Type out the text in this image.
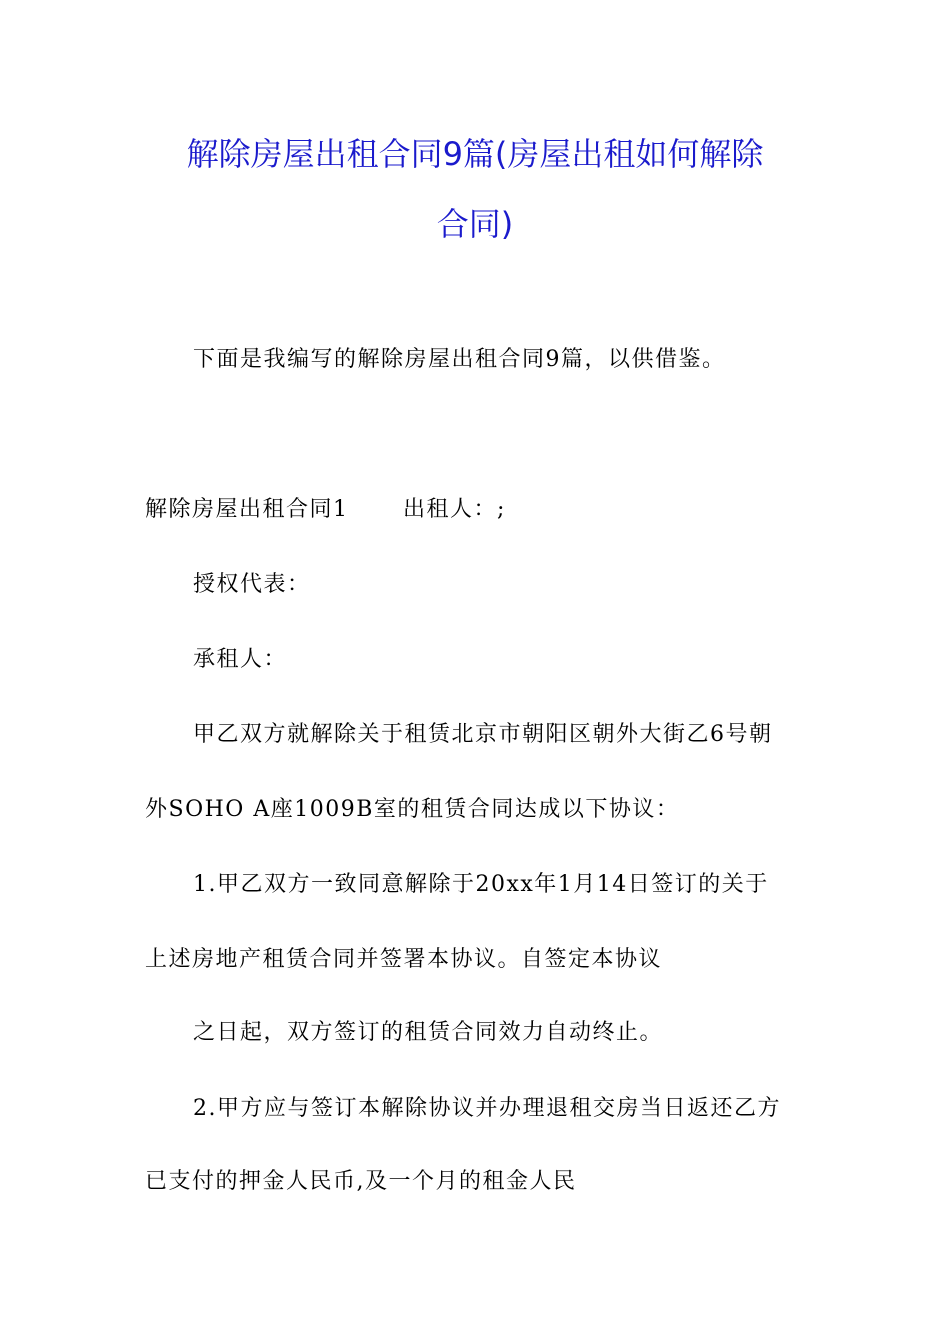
解除房屋出租合同9篇(房屋出租如何解除
合同)
下面是我编写的解除房屋出租合同9篇，以供借鉴。
解除房屋出租合同1 出租人：;
授权代表：
承租人：
甲乙双方就解除关于租赁北京市朝阳区朝外大街乙6号朝
外SOHO A座1009B室的租赁合同达成以下协议：
1.甲乙双方一致同意解除于20xx年1月14日签订的关于
上述房地产租赁合同并签署本协议。自签定本协议
之日起，双方签订的租赁合同效力自动终止。
2.甲方应与签订本解除协议并办理退租交房当日返还乙方
已支付的押金人民币,及一个月的租金人民
